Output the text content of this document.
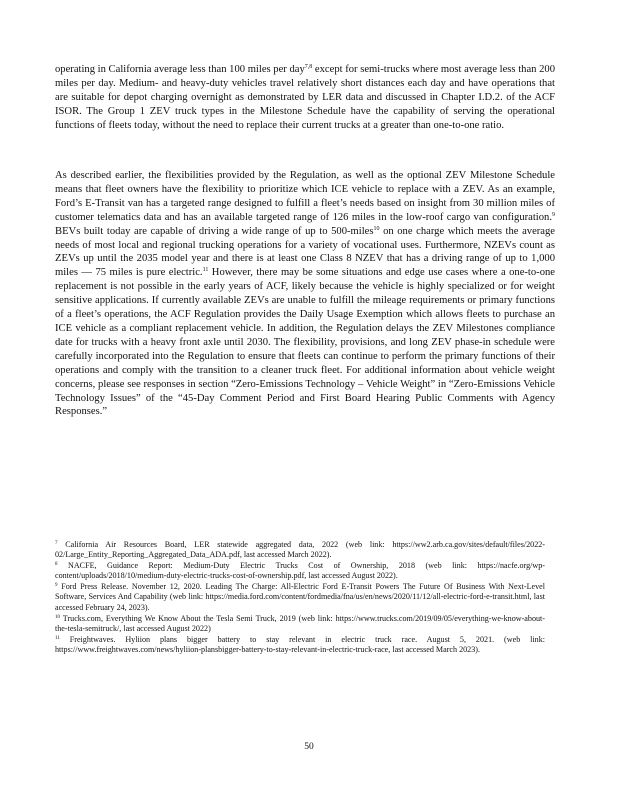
operating in California average less than 100 miles per day$^{7,8}$ except for semi-trucks where most average less than 200 miles per day. Medium- and heavy-duty vehicles travel relatively short distances each day and have operations that are suitable for depot charging overnight as demonstrated by LER data and discussed in Chapter I.D.2. of the ACF ISOR. The Group 1 ZEV truck types in the Milestone Schedule have the capability of serving the operational functions of fleets today, without the need to replace their current trucks at a greater than one-to-one ratio.

As described earlier, the flexibilities provided by the Regulation, as well as the optional ZEV Milestone Schedule means that fleet owners have the flexibility to prioritize which ICE vehicle to replace with a ZEV. As an example, Ford’s E-Transit van has a targeted range designed to fulfill a fleet’s needs based on insight from 30 million miles of customer telematics data and has an available targeted range of 126 miles in the low-roof cargo van configuration.$^9$ BEVs built today are capable of driving a wide range of up to 500-miles$^{10}$ on one charge which meets the average needs of most local and regional trucking operations for a variety of vocational uses. Furthermore, NZEVs count as ZEVs up until the 2035 model year and there is at least one Class 8 NZEV that has a driving range of up to 1,000 miles — 75 miles is pure electric.$^{11}$ However, there may be some situations and edge use cases where a one-to-one replacement is not possible in the early years of ACF, likely because the vehicle is highly specialized or for weight sensitive applications. If currently available ZEVs are unable to fulfill the mileage requirements or primary functions of a fleet’s operations, the ACF Regulation provides the Daily Usage Exemption which allows fleets to purchase an ICE vehicle as a compliant replacement vehicle. In addition, the Regulation delays the ZEV Milestones compliance date for trucks with a heavy front axle until 2030. The flexibility, provisions, and long ZEV phase-in schedule were carefully incorporated into the Regulation to ensure that fleets can continue to perform the primary functions of their operations and comply with the transition to a cleaner truck fleet. For additional information about vehicle weight concerns, please see responses in section “Zero-Emissions Technology – Vehicle Weight” in “Zero-Emissions Vehicle Technology Issues” of the “45-Day Comment Period and First Board Hearing Public Comments with Agency Responses.”

$^7$ California Air Resources Board, LER statewide aggregated data, 2022 (web link: https://ww2.arb.ca.gov/sites/default/files/2022-02/Large_Entity_Reporting_Aggregated_Data_ADA.pdf, last accessed March 2022).

$^8$ NACFE, Guidance Report: Medium-Duty Electric Trucks Cost of Ownership, 2018 (web link: https://nacfe.org/wp-content/uploads/2018/10/medium-duty-electric-trucks-cost-of-ownership.pdf, last accessed August 2022).

$^9$ Ford Press Release. November 12, 2020. Leading The Charge: All-Electric Ford E-Transit Powers The Future Of Business With Next-Level Software, Services And Capability (web link: https://media.ford.com/content/fordmedia/fna/us/en/news/2020/11/12/all-electric-ford-e-transit.html, last accessed February 24, 2023).

$^{10}$ Trucks.com, Everything We Know About the Tesla Semi Truck, 2019 (web link: https://www.trucks.com/2019/09/05/everything-we-know-about-the-tesla-semitruck/, last accessed August 2022)

$^{11}$ Freightwaves. Hyliion plans bigger battery to stay relevant in electric truck race. August 5, 2021. (web link: https://www.freightwaves.com/news/hyliion-plansbigger-battery-to-stay-relevant-in-electric-truck-race, last accessed March 2023).

50
